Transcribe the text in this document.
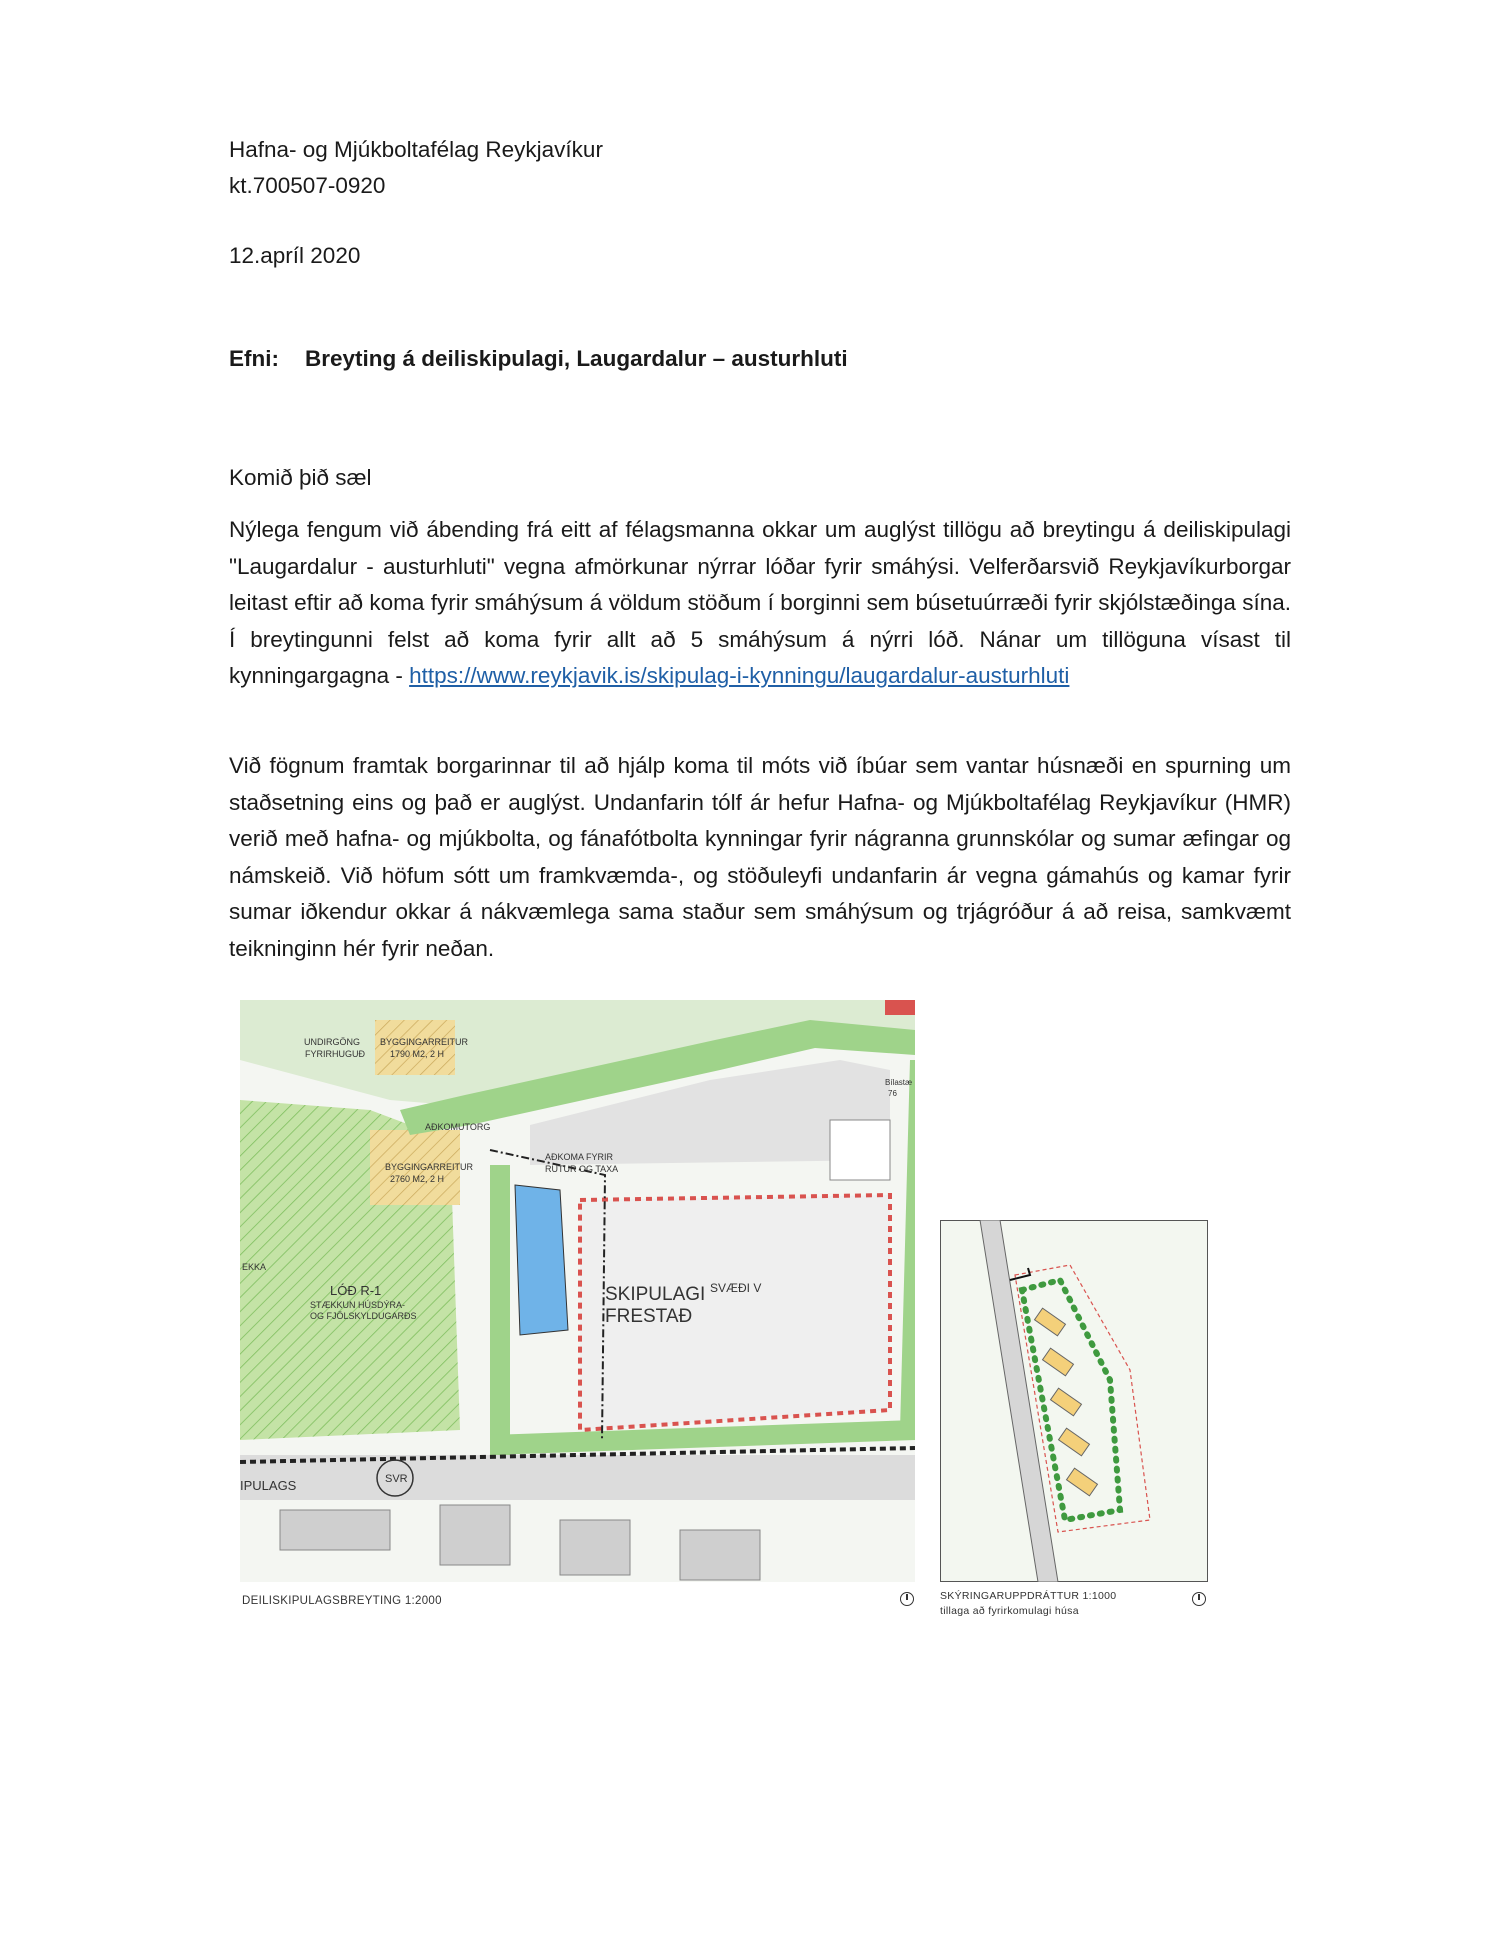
Hafna- og Mjúkboltafélag Reykjavíkur
kt.700507-0920
12.apríl 2020
Efni: Breyting á deiliskipulagi, Laugardalur – austurhluti
Komið þið sæl
Nýlega fengum við ábending frá eitt af félagsmanna okkar um auglýst tillögu að breytingu á deiliskipulagi "Laugardalur - austurhluti" vegna afmörkunar nýrrar lóðar fyrir smáhýsi. Velferðarsvið Reykjavíkurborgar leitast eftir að koma fyrir smáhýsum á völdum stöðum í borginni sem búsetuúrræði fyrir skjólstæðinga sína. Í breytingunni felst að koma fyrir allt að 5 smáhýsum á nýrri lóð. Nánar um tillöguna vísast til kynningargagna - https://www.reykjavik.is/skipulag-i-kynningu/laugardalur-austurhluti
Við fögnum framtak borgarinnar til að hjálp koma til móts við íbúar sem vantar húsnæði en spurning um staðsetning eins og það er auglýst. Undanfarin tólf ár hefur Hafna- og Mjúkboltafélag Reykjavíkur (HMR) verið með hafna- og mjúkbolta, og fánafótbolta kynningar fyrir nágranna grunnskólar og sumar æfingar og námskeið. Við höfum sótt um framkvæmda-, og stöðuleyfi undanfarin ár vegna gámahús og kamar fyrir sumar iðkendur okkar á nákvæmlega sama staður sem smáhýsum og trjágróður á að reisa, samkvæmt teikninginn hér fyrir neðan.
BYGGINGARREITUR
1790 M2, 2 H
UNDIRGÖNG
FYRIRHUGUÐ
AÐKOMUTORG
BYGGINGARREITUR
2760 M2, 2 H
AÐKOMA FYRIR
RÚTUR OG TAXA
LÓÐ R-1
STÆKKUN HÚSDÝRA-
OG FJÖLSKYLDUGARÐS
EKKA
SKIPULAGI
FRESTAÐ
SVÆÐI V
SVR
IPULAGS
Bílastæ
76
DEILISKIPULAGSBREYTING 1:2000	SKÝRINGARUPPDRÁTTUR 1:1000
tillaga að fyrirkomulagi húsa
